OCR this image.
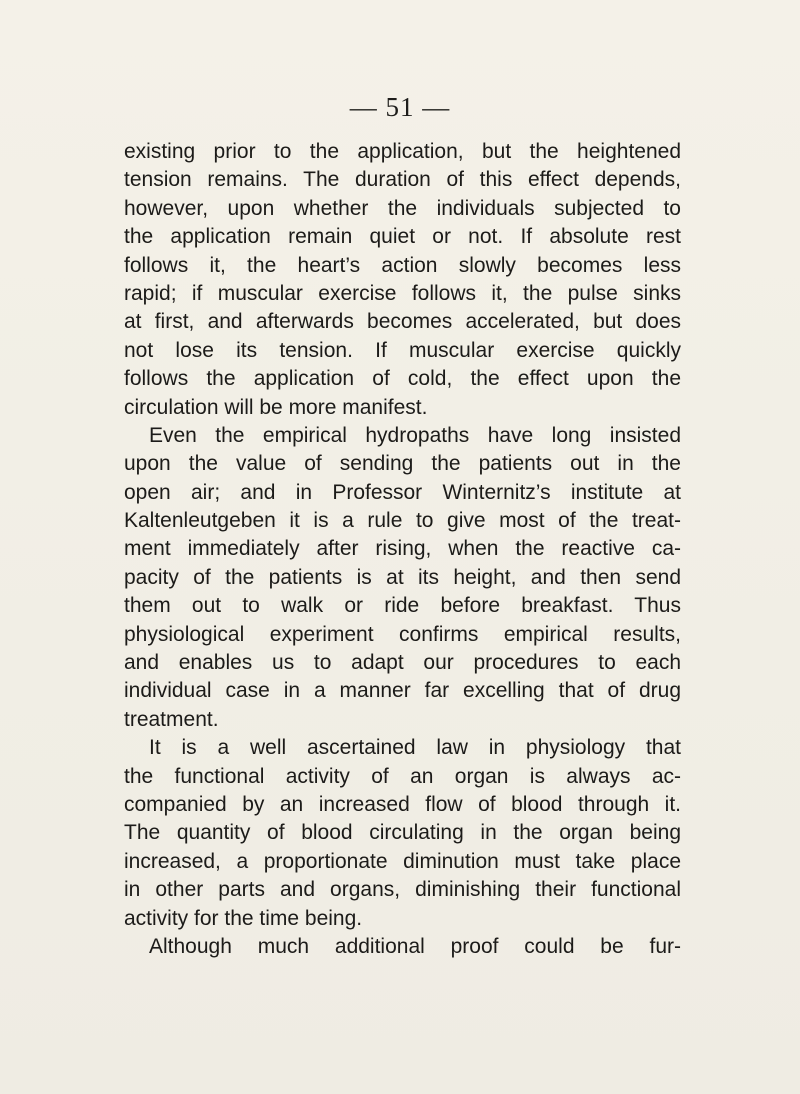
— 51 —
existing prior to the application, but the heightened
tension remains. The duration of this effect depends,
however, upon whether the individuals subjected to
the application remain quiet or not. If absolute rest
follows it, the heart’s action slowly becomes less
rapid; if muscular exercise follows it, the pulse sinks
at first, and afterwards becomes accelerated, but does
not lose its tension. If muscular exercise quickly
follows the application of cold, the effect upon the
circulation will be more manifest.
Even the empirical hydropaths have long insisted
upon the value of sending the patients out in the
open air; and in Professor Winternitz’s institute at
Kaltenleutgeben it is a rule to give most of the treat-
ment immediately after rising, when the reactive ca-
pacity of the patients is at its height, and then send
them out to walk or ride before breakfast. Thus
physiological experiment confirms empirical results,
and enables us to adapt our procedures to each
individual case in a manner far excelling that of drug
treatment.
It is a well ascertained law in physiology that
the functional activity of an organ is always ac-
companied by an increased flow of blood through it.
The quantity of blood circulating in the organ being
increased, a proportionate diminution must take place
in other parts and organs, diminishing their functional
activity for the time being.
Although much additional proof could be fur-
